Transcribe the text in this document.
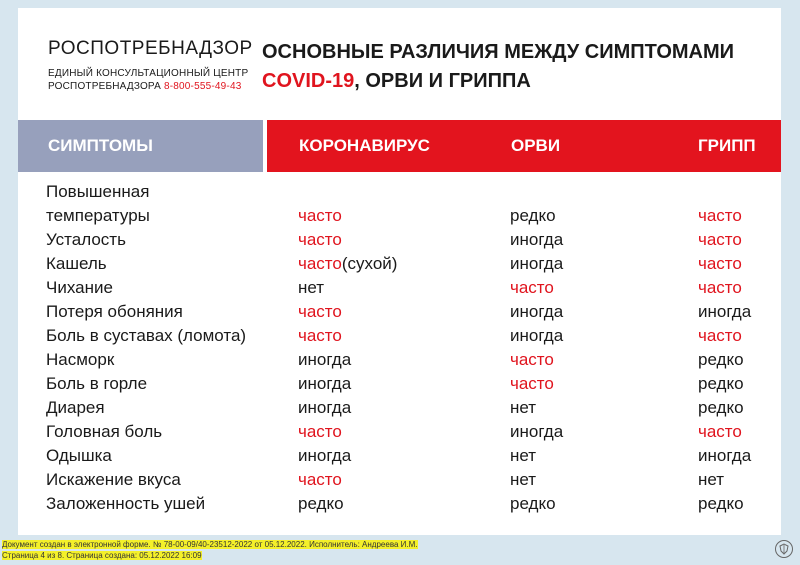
РОСПОТРЕБНАДЗОР
ЕДИНЫЙ КОНСУЛЬТАЦИОННЫЙ ЦЕНТР
РОСПОТРЕБНАДЗОРА 8-800-555-49-43
ОСНОВНЫЕ РАЗЛИЧИЯ МЕЖДУ СИМПТОМАМИ
COVID-19, ОРВИ И ГРИППА
СИМПТОМЫ	КОРОНАВИРУС	ОРВИ	ГРИПП
Повышенная
температуры	часто	редко	часто
Усталость	часто	иногда	часто
Кашель	часто(сухой)	иногда	часто
Чихание	нет	часто	часто
Потеря обоняния	часто	иногда	иногда
Боль в суставах (ломота)	часто	иногда	часто
Насморк	иногда	часто	редко
Боль в горле	иногда	часто	редко
Диарея	иногда	нет	редко
Головная боль	часто	иногда	часто
Одышка	иногда	нет	иногда
Искажение вкуса	часто	нет	нет
Заложенность ушей	редко	редко	редко
Документ создан в электронной форме. № 78-00-09/40-23512-2022 от 05.12.2022. Исполнитель: Андреева И.М.
Страница 4 из 8. Страница создана: 05.12.2022 16:09
